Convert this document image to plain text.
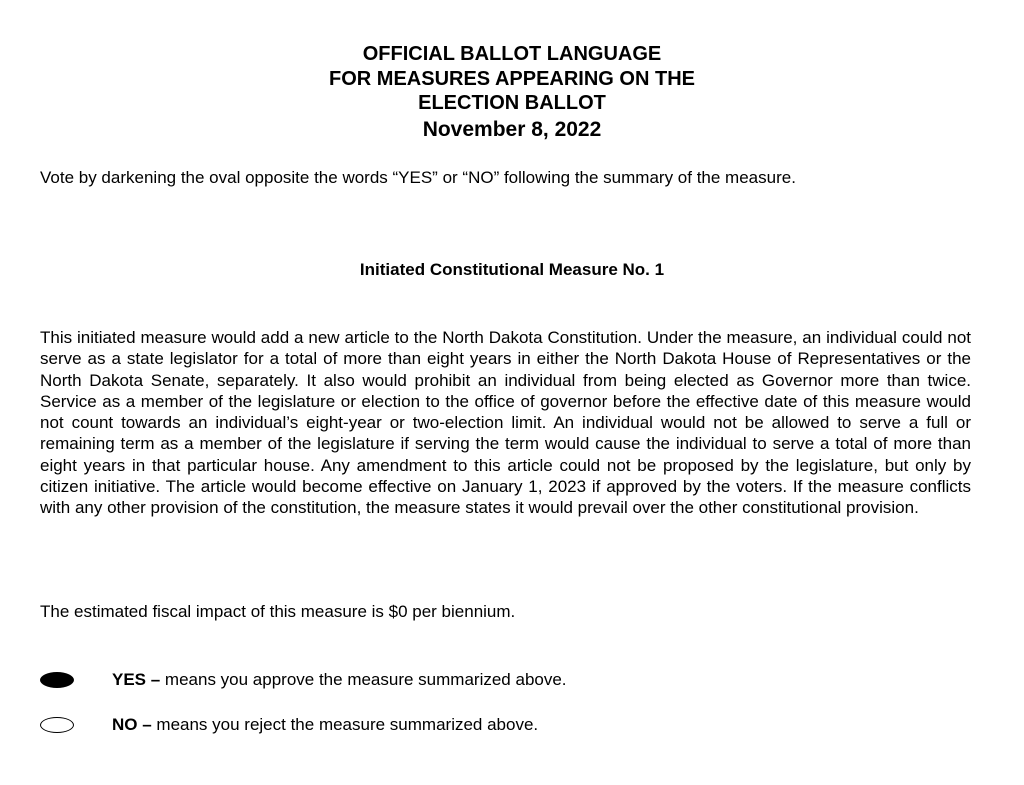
OFFICIAL BALLOT LANGUAGE
FOR MEASURES APPEARING ON THE
ELECTION BALLOT
November 8, 2022
Vote by darkening the oval opposite the words “YES” or “NO” following the summary of the measure.
Initiated Constitutional Measure No. 1
This initiated measure would add a new article to the North Dakota Constitution. Under the measure, an individual could not serve as a state legislator for a total of more than eight years in either the North Dakota House of Representatives or the North Dakota Senate, separately. It also would prohibit an individual from being elected as Governor more than twice. Service as a member of the legislature or election to the office of governor before the effective date of this measure would not count towards an individual’s eight-year or two-election limit. An individual would not be allowed to serve a full or remaining term as a member of the legislature if serving the term would cause the individual to serve a total of more than eight years in that particular house. Any amendment to this article could not be proposed by the legislature, but only by citizen initiative. The article would become effective on January 1, 2023 if approved by the voters. If the measure conflicts with any other provision of the constitution, the measure states it would prevail over the other constitutional provision.
The estimated fiscal impact of this measure is $0 per biennium.
YES – means you approve the measure summarized above.
NO – means you reject the measure summarized above.
